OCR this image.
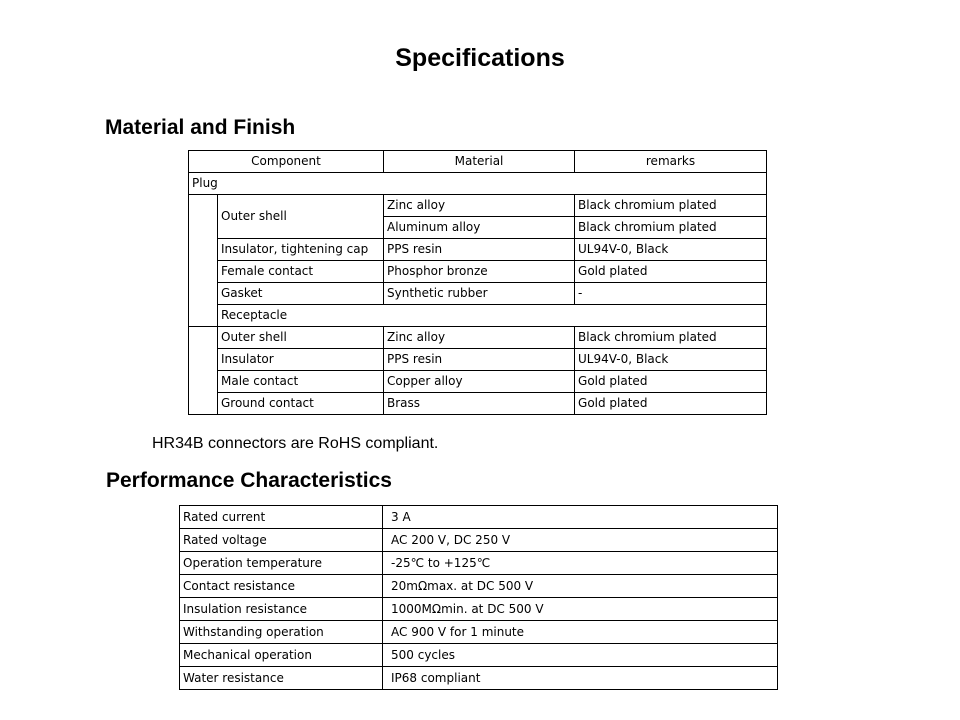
Specifications
Material and Finish
Component		Material	remarks
Plug			
	Outer shell	Zinc alloy	Black chromium plated
		Aluminum alloy	Black chromium plated
	Insulator, tightening cap	PPS resin	UL94V-0, Black
	Female contact	Phosphor bronze	Gold plated
	Gasket	Synthetic rubber	-
	Receptacle		
	Outer shell	Zinc alloy	Black chromium plated
	Insulator	PPS resin	UL94V-0, Black
	Male contact	Copper alloy	Gold plated
	Ground contact	Brass	Gold plated
HR34B connectors are RoHS compliant.
Performance Characteristics
Rated current	3 A
Rated voltage	AC 200 V, DC 250 V
Operation temperature	-25℃ to +125℃
Contact resistance	20mΩmax. at DC 500 V
Insulation resistance	1000MΩmin. at DC 500 V
Withstanding operation	AC 900 V for 1 minute
Mechanical operation	500 cycles
Water resistance	IP68 compliant
